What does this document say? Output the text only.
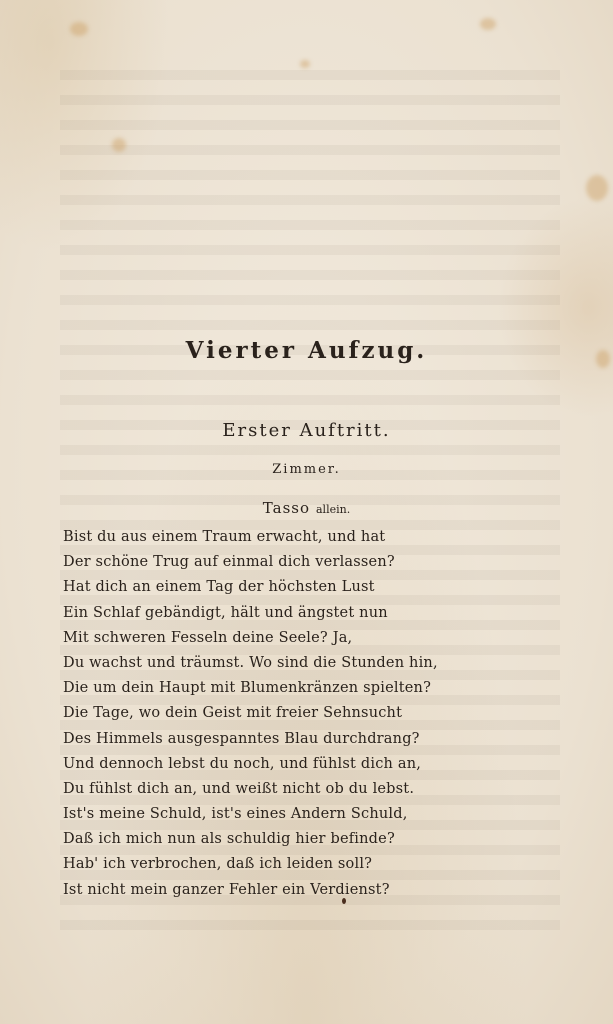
Vierter Aufzug.
Erster Auftritt.
Zimmer.
Tasso allein.
Bist du aus einem Traum erwacht, und hat
Der schöne Trug auf einmal dich verlassen?
Hat dich an einem Tag der höchsten Lust
Ein Schlaf gebändigt, hält und ängstet nun
Mit schweren Fesseln deine Seele? Ja,
Du wachst und träumst. Wo sind die Stunden hin,
Die um dein Haupt mit Blumenkränzen spielten?
Die Tage, wo dein Geist mit freier Sehnsucht
Des Himmels ausgespanntes Blau durchdrang?
Und dennoch lebst du noch, und fühlst dich an,
Du fühlst dich an, und weißt nicht ob du lebst.
Ist's meine Schuld, ist's eines Andern Schuld,
Daß ich mich nun als schuldig hier befinde?
Hab' ich verbrochen, daß ich leiden soll?
Ist nicht mein ganzer Fehler ein Verdienst?
